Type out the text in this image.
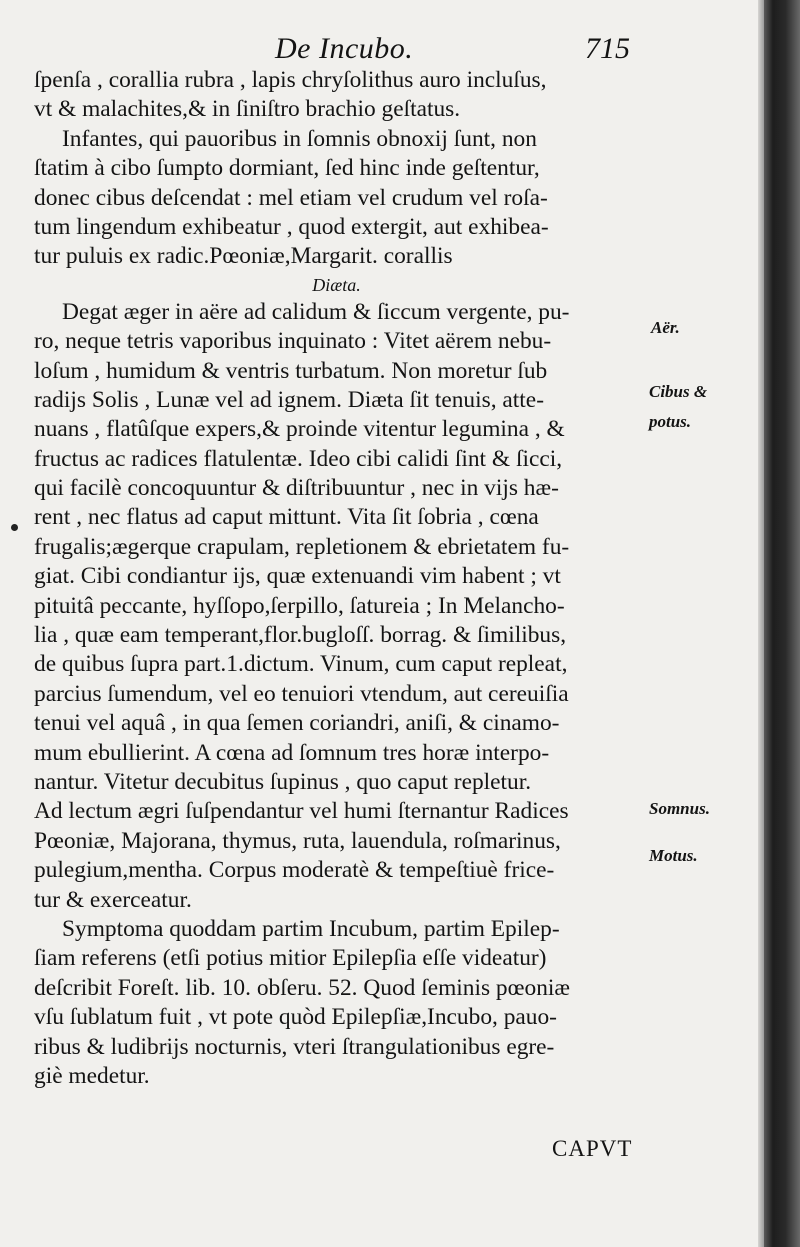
De Incubo.	715
ſpenſa , corallia rubra , lapis chryſolithus auro incluſus,
vt & malachites,& in ſiniſtro brachio geſtatus.
Infantes, qui pauoribus in ſomnis obnoxij ſunt, non
ſtatim à cibo ſumpto dormiant, ſed hinc inde geſtentur,
donec cibus deſcendat : mel etiam vel crudum vel roſa-
tum lingendum exhibeatur , quod extergit, aut exhibea-
tur puluis ex radic.Pœoniæ,Margarit. corallis
Diæta.
Degat æger in aëre ad calidum & ſiccum vergente, pu-
ro, neque tetris vaporibus inquinato : Vitet aërem nebu-
loſum , humidum & ventris turbatum. Non moretur ſub
radijs Solis , Lunæ vel ad ignem. Diæta ſit tenuis, atte-
nuans , flatûſque expers,& proinde vitentur legumina , &
fructus ac radices flatulentæ. Ideo cibi calidi ſint & ſicci,
qui facilè concoquuntur & diſtribuuntur , nec in vijs hæ-
rent , nec flatus ad caput mittunt. Vita ſit ſobria , cœna
frugalis;ægerque crapulam, repletionem & ebrietatem fu-
giat. Cibi condiantur ijs, quæ extenuandi vim habent ; vt
pituitâ peccante, hyſſopo,ſerpillo, ſatureia ; In Melancho-
lia , quæ eam temperant,flor.bugloſſ. borrag. & ſimilibus,
de quibus ſupra part.1.dictum. Vinum, cum caput repleat,
parcius ſumendum, vel eo tenuiori vtendum, aut cereuiſia
tenui vel aquâ , in qua ſemen coriandri, aniſi, & cinamo-
mum ebullierint. A cœna ad ſomnum tres horæ interpo-
nantur. Vitetur decubitus ſupinus , quo caput repletur.
Ad lectum ægri ſuſpendantur vel humi ſternantur Radices
Pœoniæ, Majorana, thymus, ruta, lauendula, roſmarinus,
pulegium,mentha. Corpus moderatè & tempeſtiuè frice-
tur & exerceatur.
Symptoma quoddam partim Incubum, partim Epilep-
ſiam referens (etſi potius mitior Epilepſia eſſe videatur)
deſcribit Foreſt. lib. 10. obſeru. 52. Quod ſeminis pœoniæ
vſu ſublatum fuit , vt pote quòd Epilepſiæ,Incubo, pauo-
ribus & ludibrijs nocturnis, vteri ſtrangulationibus egre-
giè medetur.
Aër.
Cibus &
potus.
Somnus.
Motus.
CAPVT
